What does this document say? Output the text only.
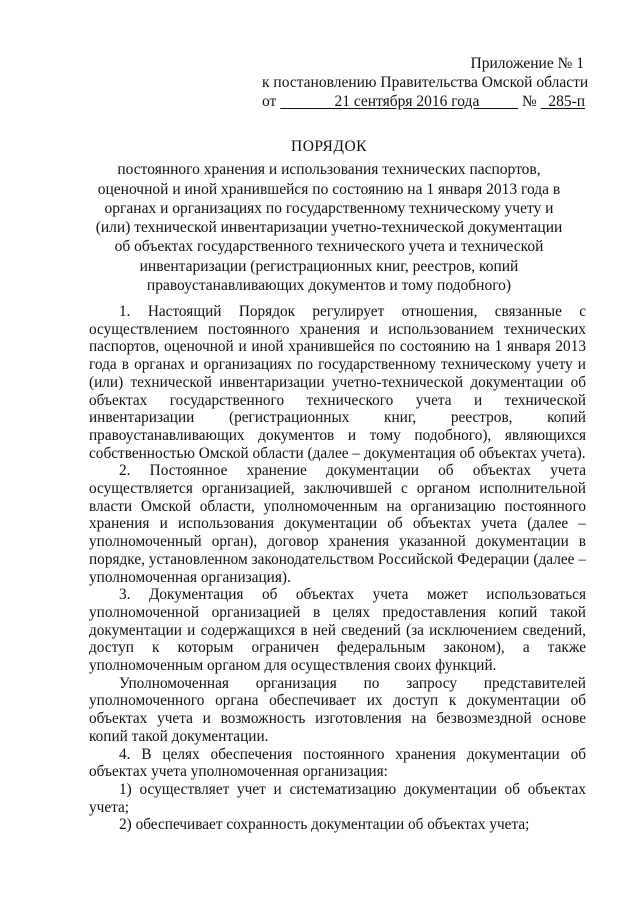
Приложение № 1
к постановлению Правительства Омской области
от	21 сентября 2016 года	№ 285-п
ПОРЯДОК
постоянного хранения и использования технических паспортов,
оценочной и иной хранившейся по состоянию на 1 января 2013 года в
органах и организациях по государственному техническому учету и
(или) технической инвентаризации учетно-технической документации
об объектах государственного технического учета и технической
инвентаризации (регистрационных книг, реестров, копий
правоустанавливающих документов и тому подобного)

1. Настоящий Порядок регулирует отношения, связанные с осуществлением постоянного хранения и использованием технических паспортов, оценочной и иной хранившейся по состоянию на 1 января 2013 года в органах и организациях по государственному техническому учету и (или) технической инвентаризации учетно-технической документации об объектах государственного технического учета и технической инвентаризации (регистрационных книг, реестров, копий правоустанавливающих документов и тому подобного), являющихся собственностью Омской области (далее – документация об объектах учета).

2. Постоянное хранение документации об объектах учета осуществляется организацией, заключившей с органом исполнительной власти Омской области, уполномоченным на организацию постоянного хранения и использования документации об объектах учета (далее – уполномоченный орган), договор хранения указанной документации в порядке, установленном законодательством Российской Федерации (далее – уполномоченная организация).

3. Документация об объектах учета может использоваться уполномоченной организацией в целях предоставления копий такой документации и содержащихся в ней сведений (за исключением сведений, доступ к которым ограничен федеральным законом), а также уполномоченным органом для осуществления своих функций.

Уполномоченная организация по запросу представителей уполномоченного органа обеспечивает их доступ к документации об объектах учета и возможность изготовления на безвозмездной основе копий такой документации.

4. В целях обеспечения постоянного хранения документации об объектах учета уполномоченная организация:

1) осуществляет учет и систематизацию документации об объектах учета;

2) обеспечивает сохранность документации об объектах учета;
